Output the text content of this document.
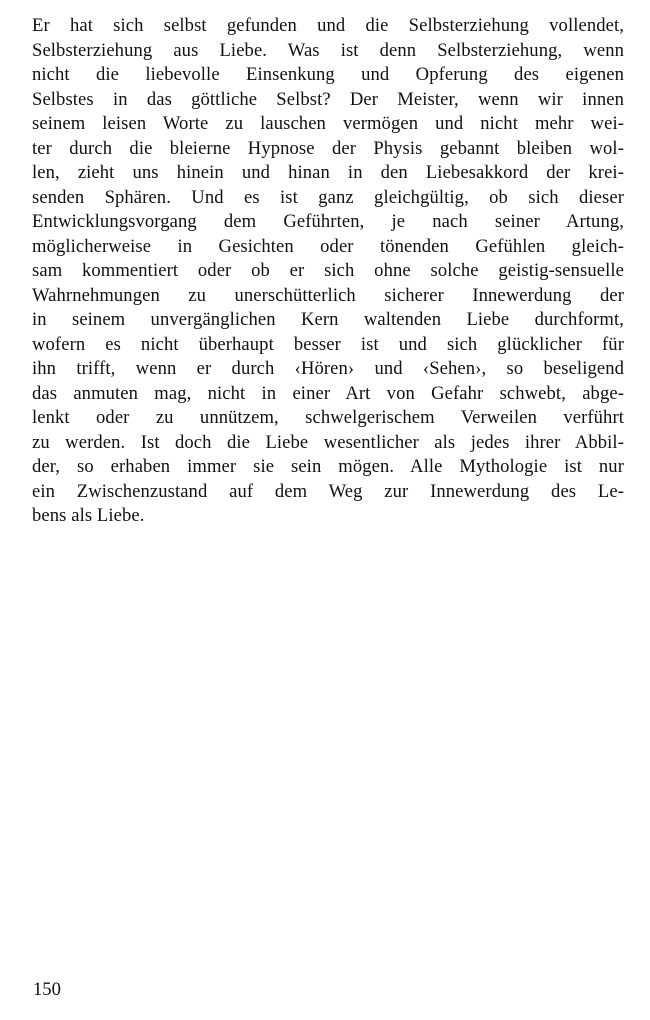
Er hat sich selbst gefunden und die Selbsterziehung vollendet,
Selbsterziehung aus Liebe. Was ist denn Selbsterziehung, wenn
nicht die liebevolle Einsenkung und Opferung des eigenen
Selbstes in das göttliche Selbst? Der Meister, wenn wir innen
seinem leisen Worte zu lauschen vermögen und nicht mehr wei-
ter durch die bleierne Hypnose der Physis gebannt bleiben wol-
len, zieht uns hinein und hinan in den Liebesakkord der krei-
senden Sphären. Und es ist ganz gleichgültig, ob sich dieser
Entwicklungsvorgang dem Geführten, je nach seiner Artung,
möglicherweise in Gesichten oder tönenden Gefühlen gleich-
sam kommentiert oder ob er sich ohne solche geistig-sensuelle
Wahrnehmungen zu unerschütterlich sicherer Innewerdung der
in seinem unvergänglichen Kern waltenden Liebe durchformt,
wofern es nicht überhaupt besser ist und sich glücklicher für
ihn trifft, wenn er durch ‹Hören› und ‹Sehen›, so beseligend
das anmuten mag, nicht in einer Art von Gefahr schwebt, abge-
lenkt oder zu unnützem, schwelgerischem Verweilen verführt
zu werden. Ist doch die Liebe wesentlicher als jedes ihrer Abbil-
der, so erhaben immer sie sein mögen. Alle Mythologie ist nur
ein Zwischenzustand auf dem Weg zur Innewerdung des Le-
bens als Liebe.
150
